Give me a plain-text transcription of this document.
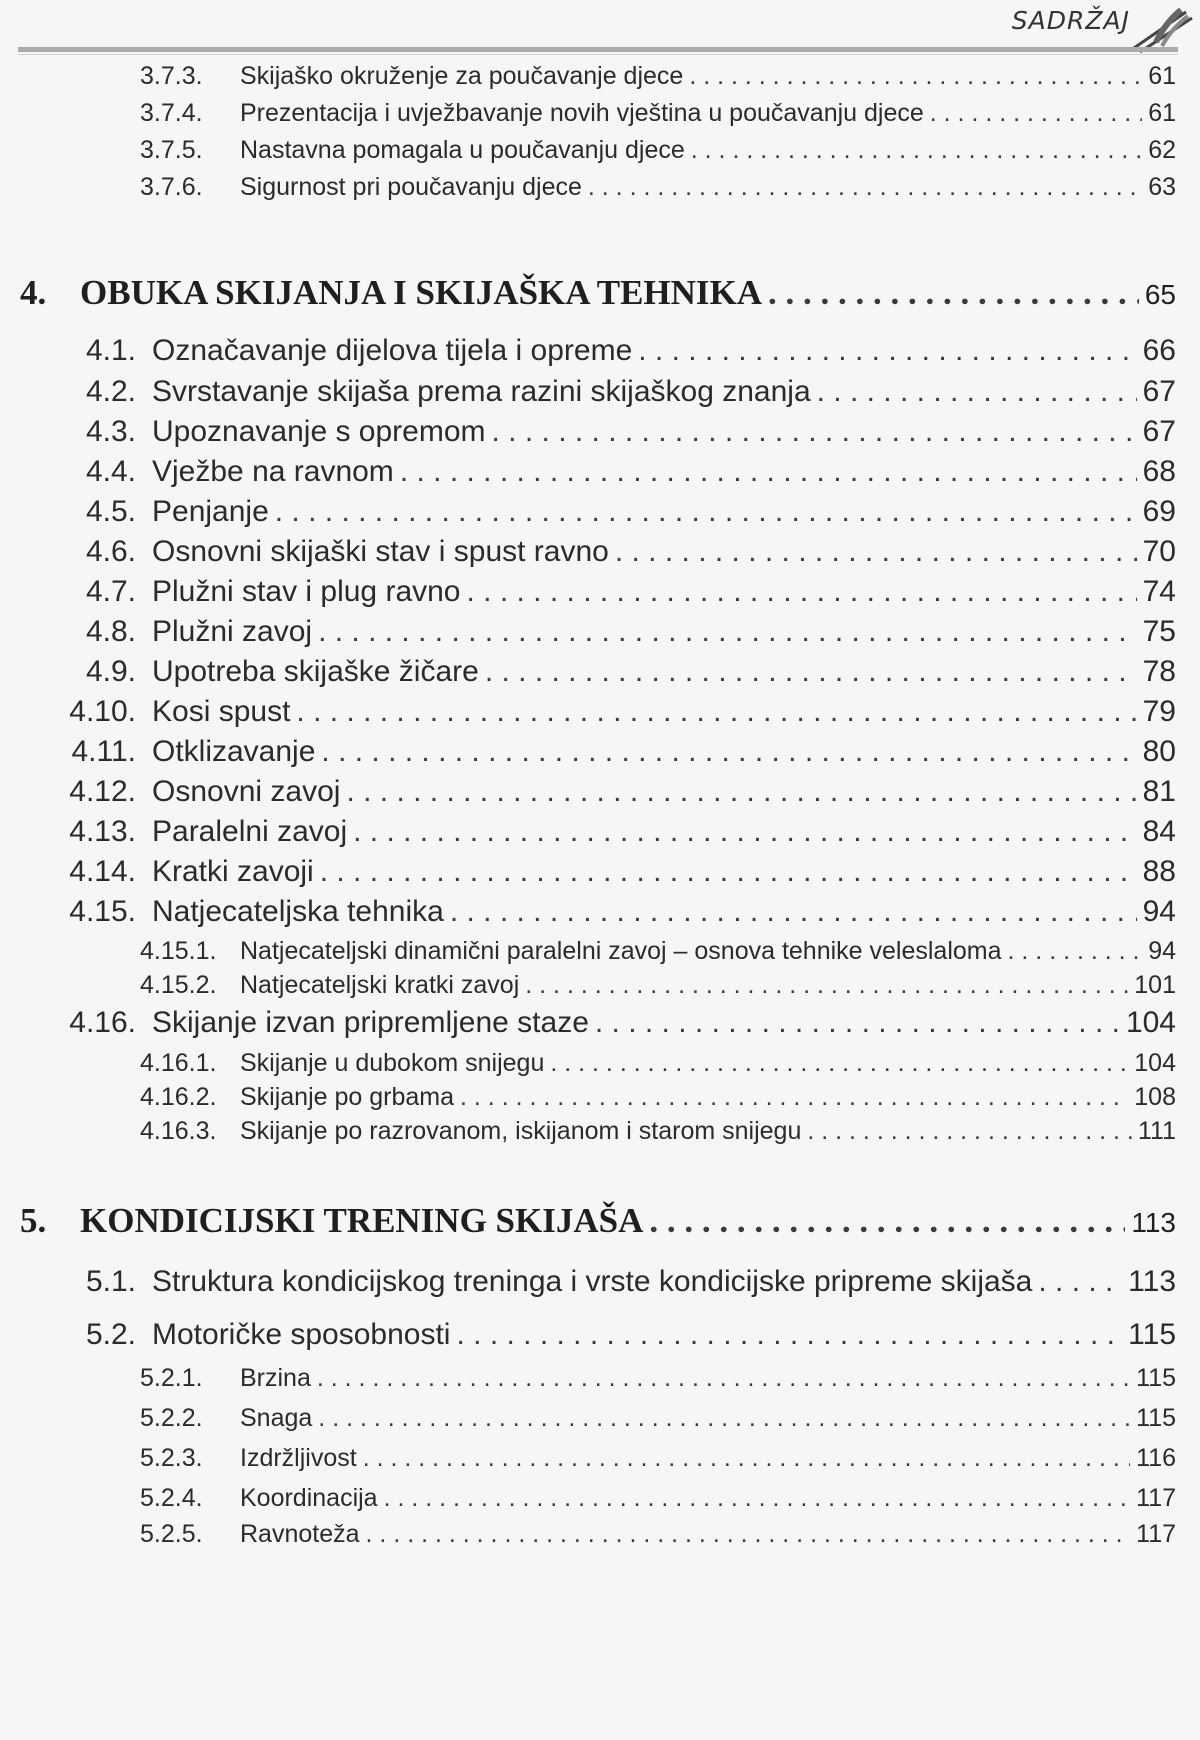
SADRŽAJ
3.7.3.	Skijaško okruženje za poučavanje djece . . .	61
3.7.4.	Prezentacija i uvježbavanje novih vještina u poučavanju djece . . .	61
3.7.5.	Nastavna pomagala u poučavanju djece . . .	62
3.7.6.	Sigurnost pri poučavanju djece . . .	63
4. OBUKA SKIJANJA I SKIJAŠKA TEHNIKA . . .	65
4.1. Označavanje dijelova tijela i opreme . . .	66
4.2. Svrstavanje skijaša prema razini skijaškog znanja . . .	67
4.3. Upoznavanje s opremom . . .	67
4.4. Vježbe na ravnom . . .	68
4.5. Penjanje . . .	69
4.6. Osnovni skijaški stav i spust ravno . . .	70
4.7. Plužni stav i plug ravno . . .	74
4.8. Plužni zavoj . . .	75
4.9. Upotreba skijaške žičare . . .	78
4.10. Kosi spust . . .	79
4.11. Otklizavanje . . .	80
4.12. Osnovni zavoj . . .	81
4.13. Paralelni zavoj . . .	84
4.14. Kratki zavoji . . .	88
4.15. Natjecateljska tehnika . . .	94
4.15.1. Natjecateljski dinamični paralelni zavoj – osnova tehnike veleslaloma . . .	94
4.15.2. Natjecateljski kratki zavoj . . .	101
4.16. Skijanje izvan pripremljene staze . . .	104
4.16.1. Skijanje u dubokom snijegu . . .	104
4.16.2. Skijanje po grbama . . .	108
4.16.3. Skijanje po razrovanom, iskijanom i starom snijegu . . .	111
5. KONDICIJSKI TRENING SKIJAŠA . . .	113
5.1. Struktura kondicijskog treninga i vrste kondicijske pripreme skijaša . . .	113
5.2. Motoričke sposobnosti . . .	115
5.2.1.	Brzina . . .	115
5.2.2.	Snaga . . .	115
5.2.3.	Izdržljivost . . .	116
5.2.4.	Koordinacija . . .	117
5.2.5.	Ravnoteža . . .	117
